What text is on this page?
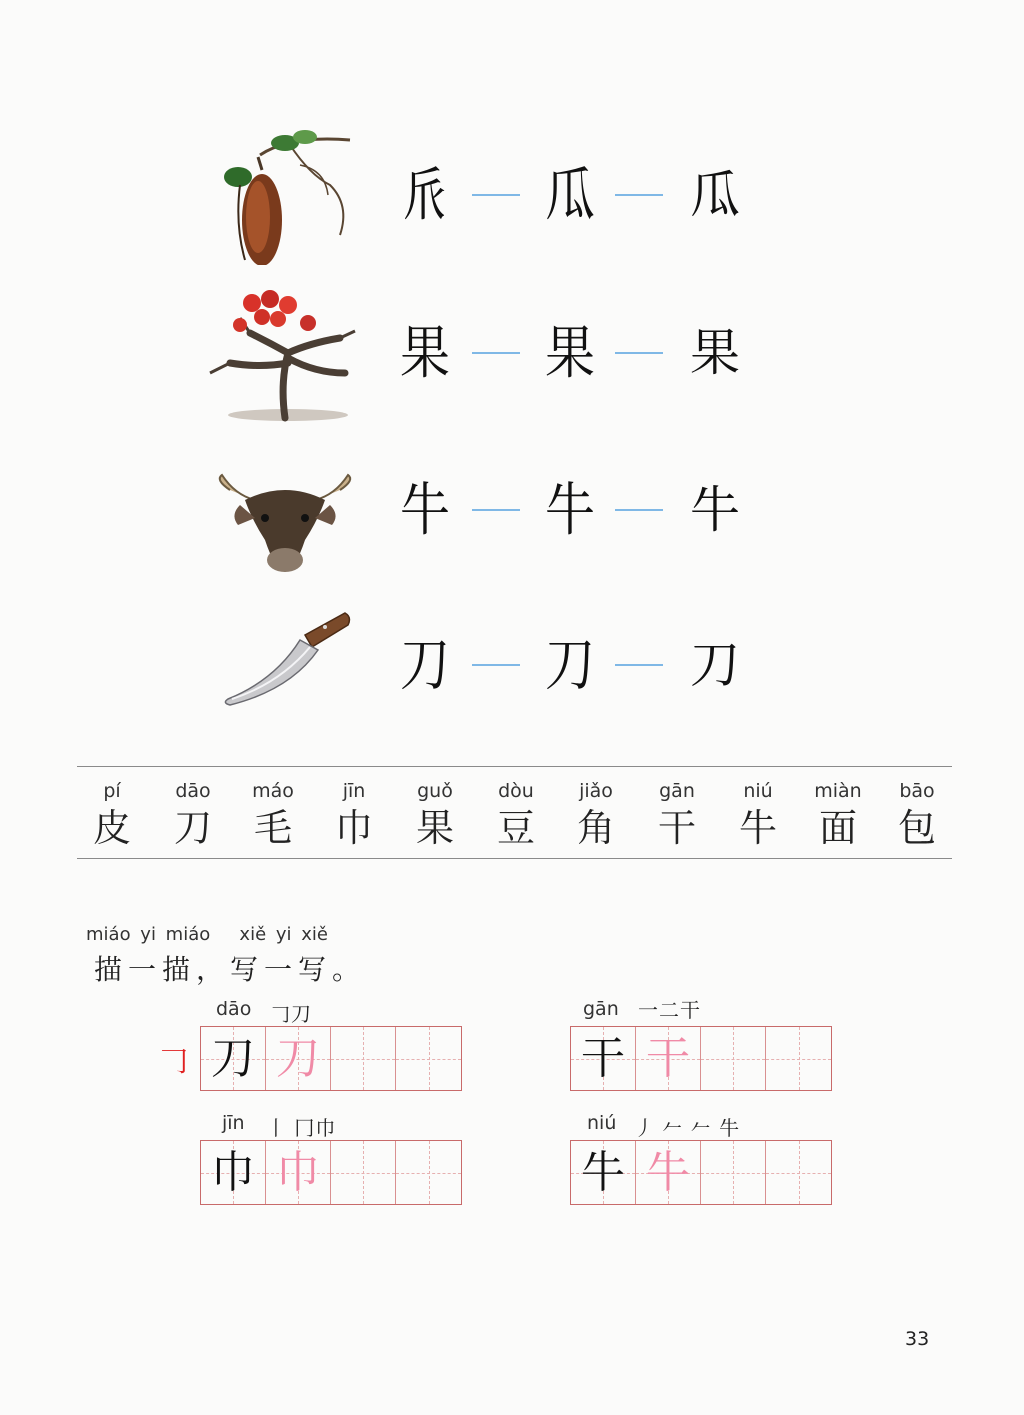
𠂢 瓜 瓜
果 果 果
牛 牛 牛
刀 刀 刀
pí
皮
dāo
刀
máo
毛
jīn
巾
guǒ
果
dòu
豆
jiǎo
角
gān
干
niú
牛
miàn
面
bāo
包
miáo yi miáo   xiě yi xiě
描一描，写一写。
dāo 𠃌刀
𠃌 刀 刀
gān 一二干
干 干
jīn 丨 冂巾
巾 巾
niú 丿 𠂉 𠂉 牛
牛 牛
33
